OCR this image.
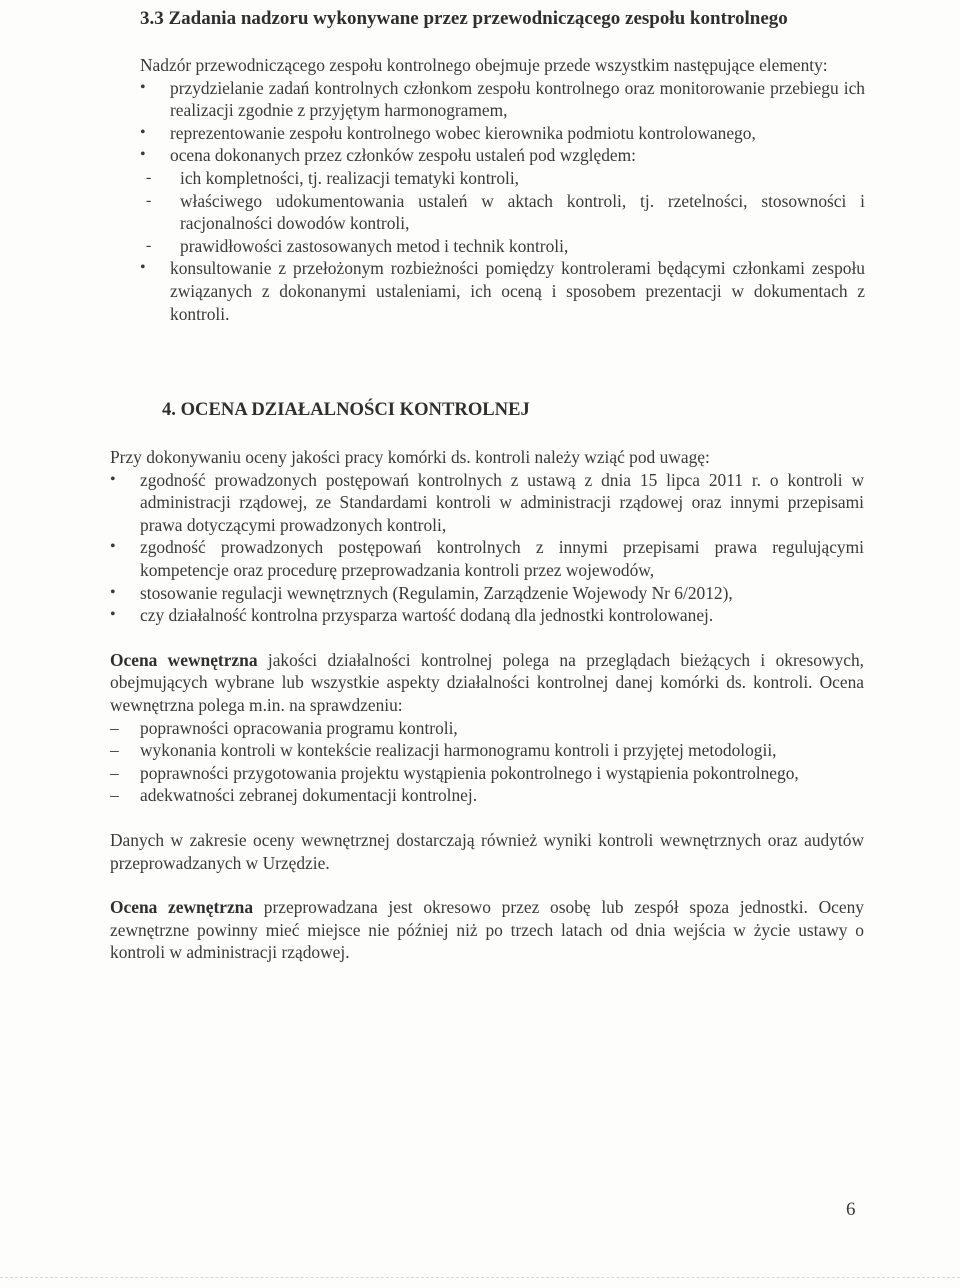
3.3 Zadania nadzoru wykonywane przez przewodniczącego zespołu kontrolnego
Nadzór przewodniczącego zespołu kontrolnego obejmuje przede wszystkim następujące elementy:
• przydzielanie zadań kontrolnych członkom zespołu kontrolnego oraz monitorowanie przebiegu ich realizacji zgodnie z przyjętym harmonogramem,
• reprezentowanie zespołu kontrolnego wobec kierownika podmiotu kontrolowanego,
• ocena dokonanych przez członków zespołu ustaleń pod względem:
- ich kompletności, tj. realizacji tematyki kontroli,
- właściwego udokumentowania ustaleń w aktach kontroli, tj. rzetelności, stosowności i racjonalności dowodów kontroli,
- prawidłowości zastosowanych metod i technik kontroli,
• konsultowanie z przełożonym rozbieżności pomiędzy kontrolerami będącymi członkami zespołu związanych z dokonanymi ustaleniami, ich oceną i sposobem prezentacji w dokumentach z kontroli.
4. OCENA DZIAŁALNOŚCI KONTROLNEJ
Przy dokonywaniu oceny jakości pracy komórki ds. kontroli należy wziąć pod uwagę:
• zgodność prowadzonych postępowań kontrolnych z ustawą z dnia 15 lipca 2011 r. o kontroli w administracji rządowej, ze Standardami kontroli w administracji rządowej oraz innymi przepisami prawa dotyczącymi prowadzonych kontroli,
• zgodność prowadzonych postępowań kontrolnych z innymi przepisami prawa regulującymi kompetencje oraz procedurę przeprowadzania kontroli przez wojewodów,
• stosowanie regulacji wewnętrznych (Regulamin, Zarządzenie Wojewody Nr 6/2012),
• czy działalność kontrolna przysparza wartość dodaną dla jednostki kontrolowanej.
Ocena wewnętrzna jakości działalności kontrolnej polega na przeglądach bieżących i okresowych, obejmujących wybrane lub wszystkie aspekty działalności kontrolnej danej komórki ds. kontroli. Ocena wewnętrzna polega m.in. na sprawdzeniu:
– poprawności opracowania programu kontroli,
– wykonania kontroli w kontekście realizacji harmonogramu kontroli i przyjętej metodologii,
– poprawności przygotowania projektu wystąpienia pokontrolnego i wystąpienia pokontrolnego,
– adekwatności zebranej dokumentacji kontrolnej.
Danych w zakresie oceny wewnętrznej dostarczają również wyniki kontroli wewnętrznych oraz audytów przeprowadzanych w Urzędzie.
Ocena zewnętrzna przeprowadzana jest okresowo przez osobę lub zespół spoza jednostki. Oceny zewnętrzne powinny mieć miejsce nie później niż po trzech latach od dnia wejścia w życie ustawy o kontroli w administracji rządowej.
6
